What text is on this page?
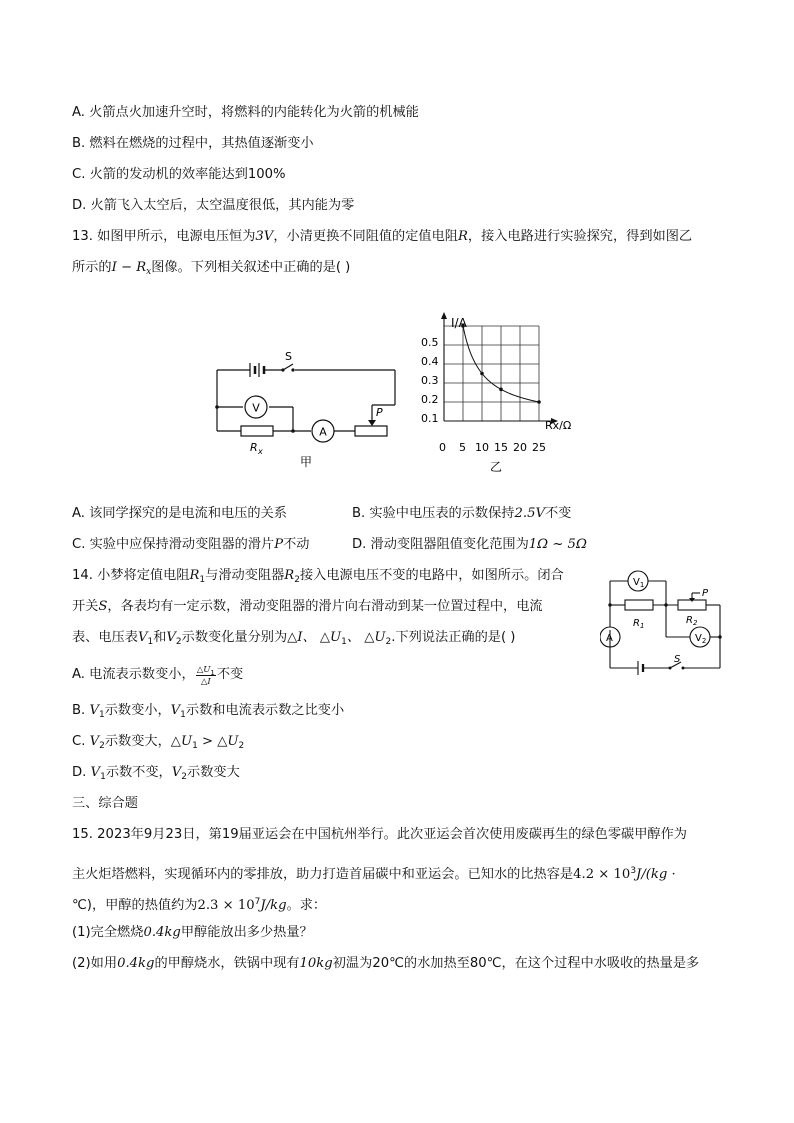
A. 火箭点火加速升空时，将燃料的内能转化为火箭的机械能
B. 燃料在燃烧的过程中，其热值逐渐变小
C. 火箭的发动机的效率能达到100%
D. 火箭飞入太空后，太空温度很低，其内能为零
13. 如图甲所示，电源电压恒为3V，小清更换不同阻值的定值电阻R，接入电路进行实验探究，得到如图乙
所示的$I - R_x$图像。下列相关叙述中正确的是( )
S
V
A
P
R x
甲
I/A
Rx/Ω
0.5
0.4
0.3
0.2
0.1
0 5 10 15 20 25
乙
A. 该同学探究的是电流和电压的关系	B. 实验中电压表的示数保持2.5V不变
C. 实验中应保持滑动变阻器的滑片P不动	D. 滑动变阻器阻值变化范围为1Ω ~ 5Ω
14. 小梦将定值电阻$R_1$与滑动变阻器$R_2$接入电源电压不变的电路中，如图所示。闭合
开关S，各表均有一定示数，滑动变阻器的滑片向右滑动到某一位置过程中，电流
表、电压表$V_1$和$V_2$示数变化量分别为△I、 $\triangle U_1$、 $\triangle U_2$.下列说法正确的是( )
A. 电流表示数变小，$\frac{\triangle U_1}{\triangle I}$不变
B. $V_1$示数变小，$V_1$示数和电流表示数之比变小
C. $V_2$示数变大，$\triangle U_1$ > $\triangle U_2$
D. $V_1$示数不变，$V_2$示数变大
$V_1$
$V_2$
A
$R_1$	$R_2$
P
S
三、综合题
15. 2023年9月23日，第19届亚运会在中国杭州举行。此次亚运会首次使用废碳再生的绿色零碳甲醇作为
主火炬塔燃料，实现循环内的零排放，助力打造首届碳中和亚运会。已知水的比热容是$4.2 \times 10^3J/(kg$ ·
℃)，甲醇的热值约为$2.3 \times 10^7J/kg$。求：
(1)完全燃烧0.4kg甲醇能放出多少热量？
(2)如用0.4kg的甲醇烧水，铁锅中现有10kg初温为20℃的水加热至80℃，在这个过程中水吸收的热量是多
